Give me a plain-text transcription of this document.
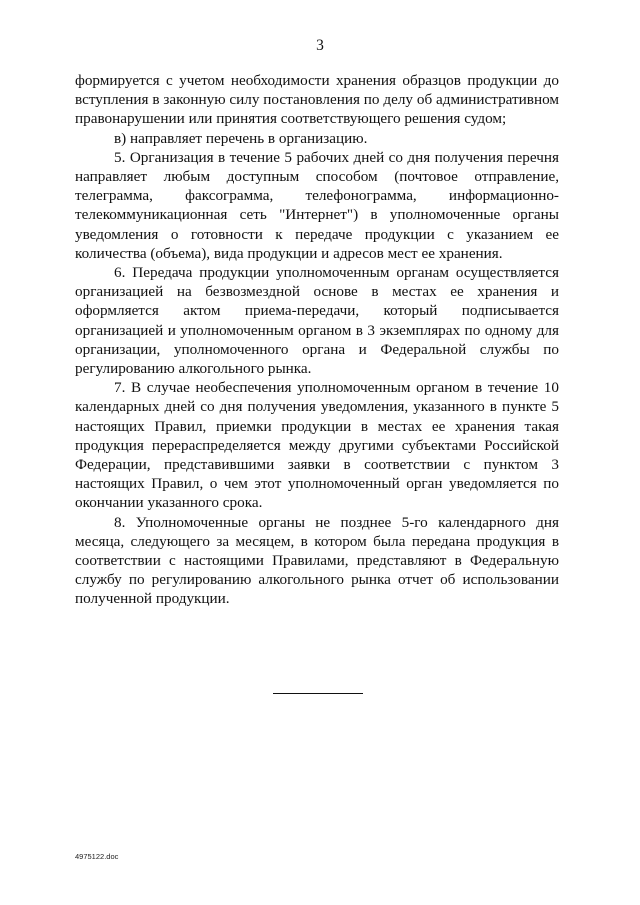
3

формируется с учетом необходимости хранения образцов продукции до вступления в законную силу постановления по делу об административном правонарушении или принятия соответствующего решения судом;

в) направляет перечень в организацию.

5. Организация в течение 5 рабочих дней со дня получения перечня направляет любым доступным способом (почтовое отправление, телеграмма, факсограмма, телефонограмма, информационно-телекоммуникационная сеть "Интернет") в уполномоченные органы уведомления о готовности к передаче продукции с указанием ее количества (объема), вида продукции и адресов мест ее хранения.

6. Передача продукции уполномоченным органам осуществляется организацией на безвозмездной основе в местах ее хранения и оформляется актом приема-передачи, который подписывается организацией и уполномоченным органом в 3 экземплярах по одному для организации, уполномоченного органа и Федеральной службы по регулированию алкогольного рынка.

7. В случае необеспечения уполномоченным органом в течение 10 календарных дней со дня получения уведомления, указанного в пункте 5 настоящих Правил, приемки продукции в местах ее хранения такая продукция перераспределяется между другими субъектами Российской Федерации, представившими заявки в соответствии с пунктом 3 настоящих Правил, о чем этот уполномоченный орган уведомляется по окончании указанного срока.

8. Уполномоченные органы не позднее 5-го календарного дня месяца, следующего за месяцем, в котором была передана продукция в соответствии с настоящими Правилами, представляют в Федеральную службу по регулированию алкогольного рынка отчет об использовании полученной продукции.

4975122.doc
